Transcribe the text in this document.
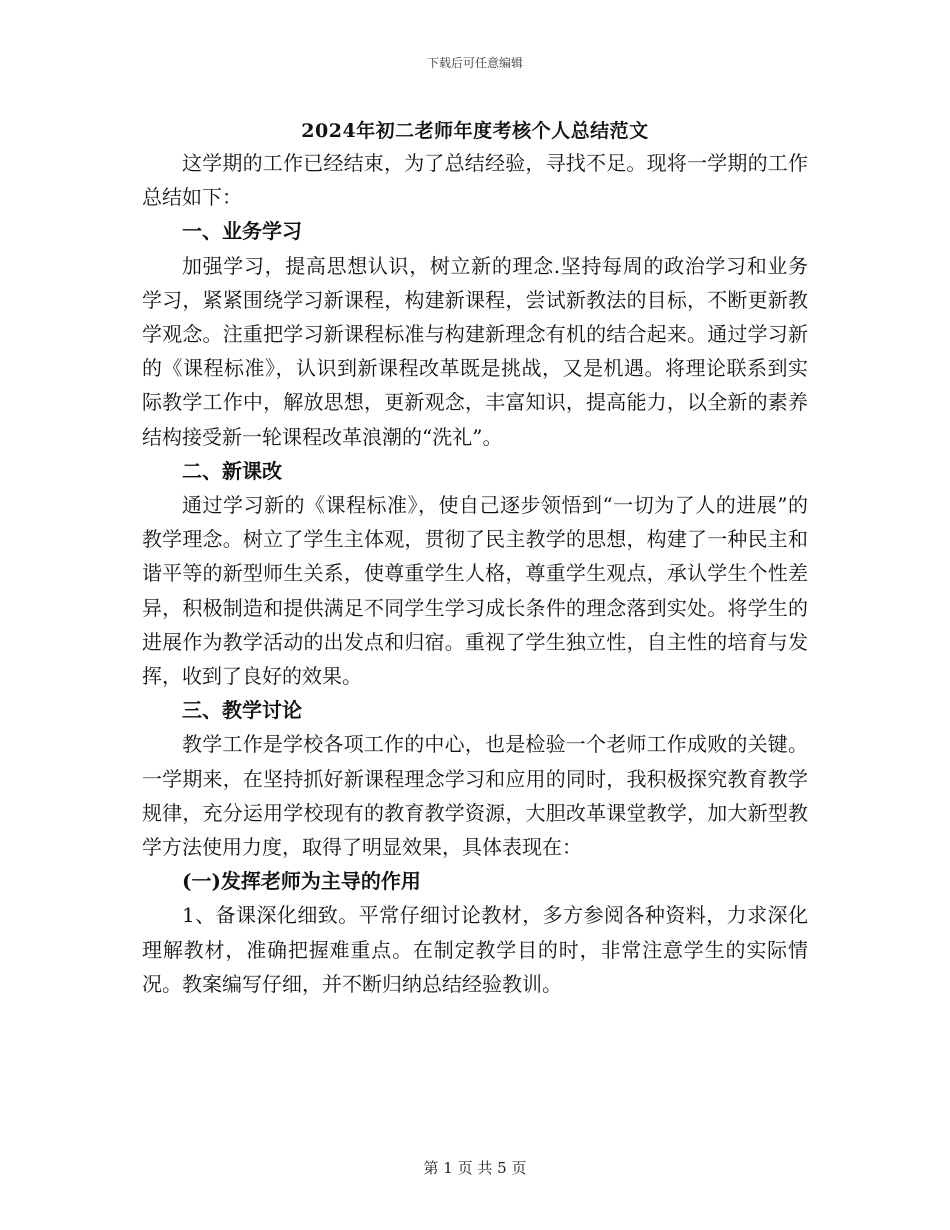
下载后可任意编辑
2024年初二老师年度考核个人总结范文

这学期的工作已经结束，为了总结经验，寻找不足。现将一学期的工作总结如下：

一、业务学习

加强学习，提高思想认识，树立新的理念.坚持每周的政治学习和业务学习，紧紧围绕学习新课程，构建新课程，尝试新教法的目标，不断更新教学观念。注重把学习新课程标准与构建新理念有机的结合起来。通过学习新的《课程标准》，认识到新课程改革既是挑战，又是机遇。将理论联系到实际教学工作中，解放思想，更新观念，丰富知识，提高能力，以全新的素养结构接受新一轮课程改革浪潮的“洗礼”。

二、新课改

通过学习新的《课程标准》，使自己逐步领悟到“一切为了人的进展”的教学理念。树立了学生主体观，贯彻了民主教学的思想，构建了一种民主和谐平等的新型师生关系，使尊重学生人格，尊重学生观点，承认学生个性差异，积极制造和提供满足不同学生学习成长条件的理念落到实处。将学生的进展作为教学活动的出发点和归宿。重视了学生独立性，自主性的培育与发挥，收到了良好的效果。

三、教学讨论

教学工作是学校各项工作的中心，也是检验一个老师工作成败的关键。一学期来，在坚持抓好新课程理念学习和应用的同时，我积极探究教育教学规律，充分运用学校现有的教育教学资源，大胆改革课堂教学，加大新型教学方法使用力度，取得了明显效果，具体表现在：

(一)发挥老师为主导的作用

1、备课深化细致。平常仔细讨论教材，多方参阅各种资料，力求深化理解教材，准确把握难重点。在制定教学目的时，非常注意学生的实际情况。教案编写仔细，并不断归纳总结经验教训。

第 1 页 共 5 页
